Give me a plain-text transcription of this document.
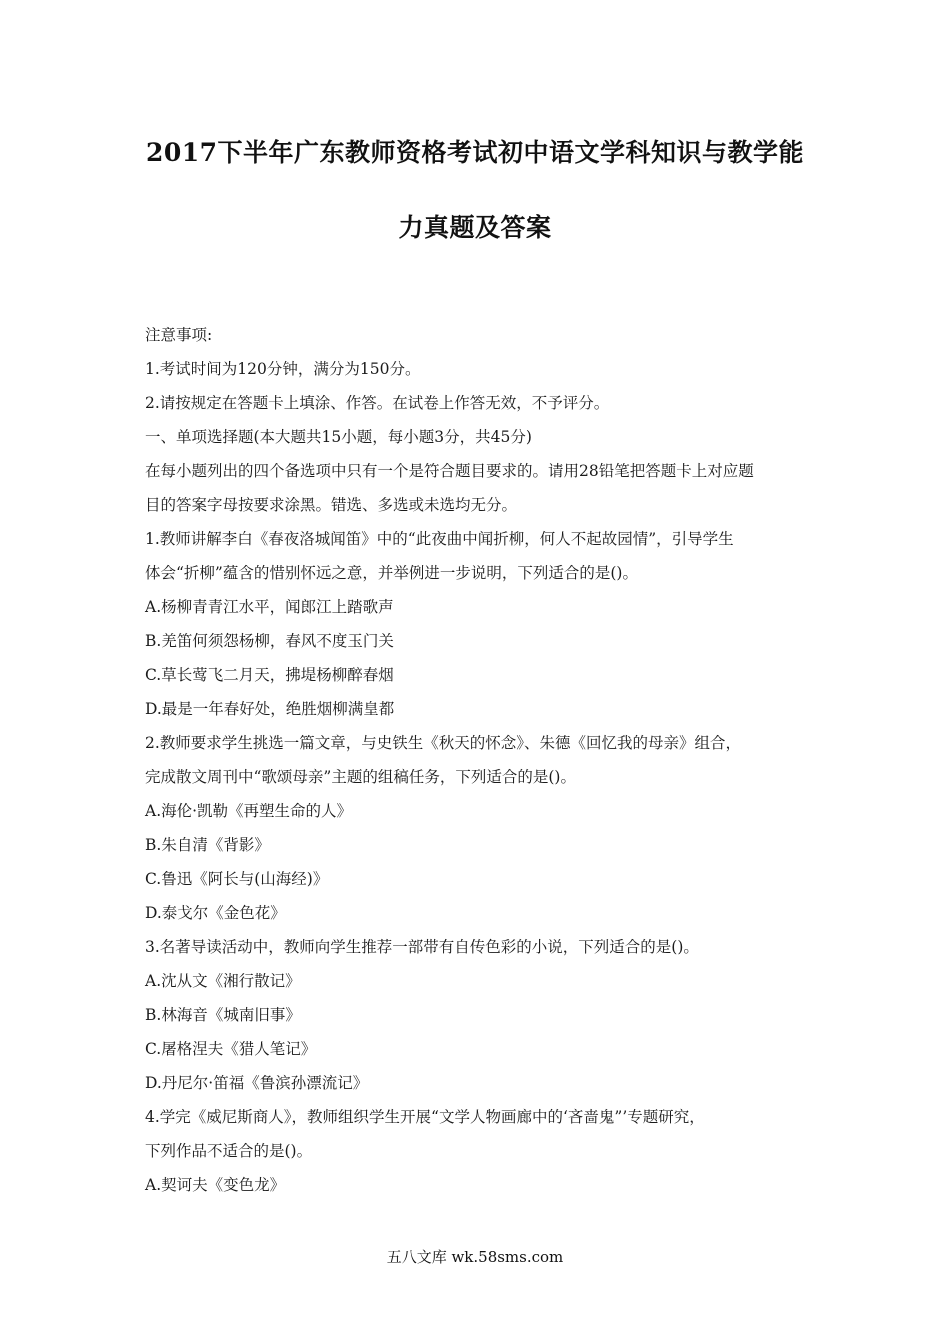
2017下半年广东教师资格考试初中语文学科知识与教学能
力真题及答案
注意事项:
1.考试时间为120分钟，满分为150分。
2.请按规定在答题卡上填涂、作答。在试卷上作答无效，不予评分。
一、单项选择题(本大题共15小题，每小题3分，共45分)
在每小题列出的四个备选项中只有一个是符合题目要求的。请用28铅笔把答题卡上对应题
目的答案字母按要求涂黑。错选、多选或未选均无分。
1.教师讲解李白《春夜洛城闻笛》中的“此夜曲中闻折柳，何人不起故园情”，引导学生
体会“折柳”蕴含的惜别怀远之意，并举例进一步说明，下列适合的是()。
A.杨柳青青江水平，闻郎江上踏歌声
B.羌笛何须怨杨柳，春风不度玉门关
C.草长莺飞二月天，拂堤杨柳醉春烟
D.最是一年春好处，绝胜烟柳满皇都
2.教师要求学生挑选一篇文章，与史铁生《秋天的怀念》、朱德《回忆我的母亲》组合，
完成散文周刊中“歌颂母亲”主题的组稿任务，下列适合的是()。
A.海伦·凯勒《再塑生命的人》
B.朱自清《背影》
C.鲁迅《阿长与(山海经)》
D.泰戈尔《金色花》
3.名著导读活动中，教师向学生推荐一部带有自传色彩的小说，下列适合的是()。
A.沈从文《湘行散记》
B.林海音《城南旧事》
C.屠格涅夫《猎人笔记》
D.丹尼尔·笛福《鲁滨孙漂流记》
4.学完《威尼斯商人》，教师组织学生开展“文学人物画廊中的‘吝啬鬼”’专题研究，
下列作品不适合的是()。
A.契诃夫《变色龙》
五八文库 wk.58sms.com
